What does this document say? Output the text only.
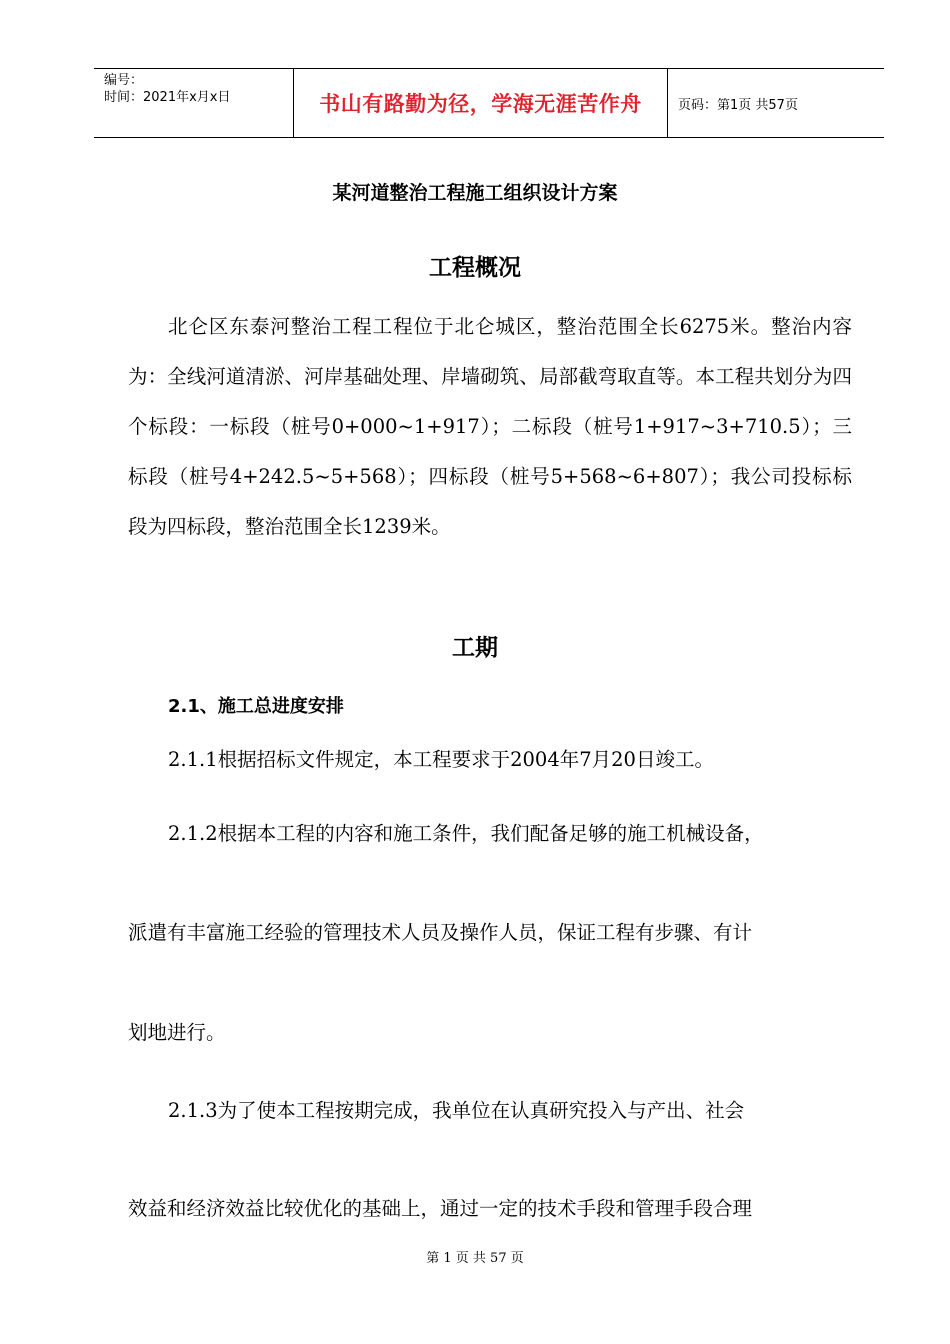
编号：
时间：2021年x月x日	书山有路勤为径，学海无涯苦作舟	页码：第1页 共57页
某河道整治工程施工组织设计方案
工程概况
北仑区东泰河整治工程工程位于北仑城区，整治范围全长6275米。整治内容为：全线河道清淤、河岸基础处理、岸墙砌筑、局部截弯取直等。本工程共划分为四个标段：一标段（桩号0+000~1+917）；二标段（桩号1+917~3+710.5）；三标段（桩号4+242.5~5+568）；四标段（桩号5+568~6+807）；我公司投标标段为四标段，整治范围全长1239米。
工期
2.1、施工总进度安排
2.1.1根据招标文件规定，本工程要求于2004年7月20日竣工。
2.1.2根据本工程的内容和施工条件，我们配备足够的施工机械设备，
派遣有丰富施工经验的管理技术人员及操作人员，保证工程有步骤、有计
划地进行。
2.1.3为了使本工程按期完成，我单位在认真研究投入与产出、社会
效益和经济效益比较优化的基础上，通过一定的技术手段和管理手段合理
第 1 页 共 57 页
